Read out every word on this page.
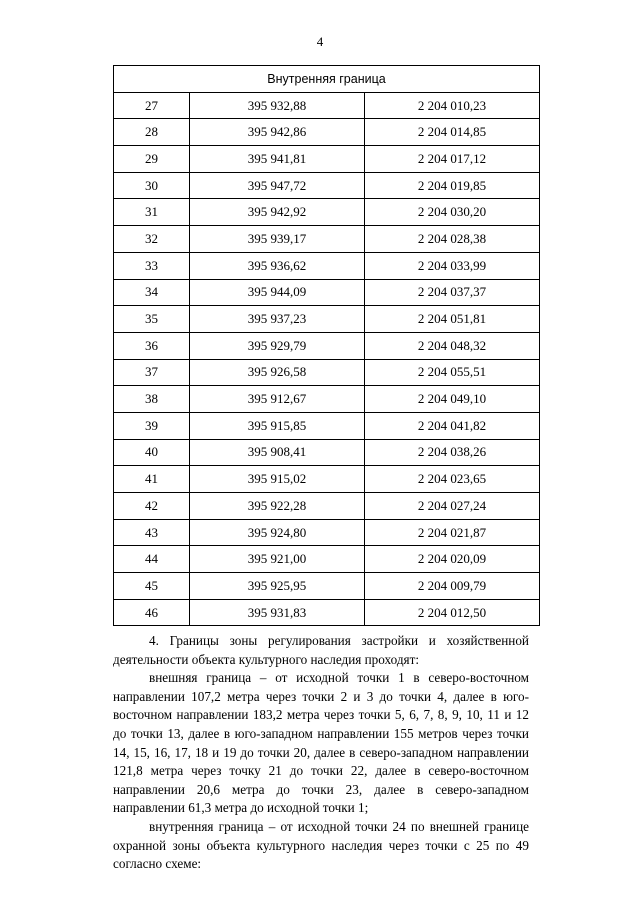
4
Внутренняя граница		
27	395 932,88	2 204 010,23
28	395 942,86	2 204 014,85
29	395 941,81	2 204 017,12
30	395 947,72	2 204 019,85
31	395 942,92	2 204 030,20
32	395 939,17	2 204 028,38
33	395 936,62	2 204 033,99
34	395 944,09	2 204 037,37
35	395 937,23	2 204 051,81
36	395 929,79	2 204 048,32
37	395 926,58	2 204 055,51
38	395 912,67	2 204 049,10
39	395 915,85	2 204 041,82
40	395 908,41	2 204 038,26
41	395 915,02	2 204 023,65
42	395 922,28	2 204 027,24
43	395 924,80	2 204 021,87
44	395 921,00	2 204 020,09
45	395 925,95	2 204 009,79
46	395 931,83	2 204 012,50

4. Границы зоны регулирования застройки и хозяйственной деятельности объекта культурного наследия проходят:

внешняя граница – от исходной точки 1 в северо-восточном направлении 107,2 метра через точки 2 и 3 до точки 4, далее в юго-восточном направлении 183,2 метра через точки 5, 6, 7, 8, 9, 10, 11 и 12 до точки 13, далее в юго-западном направлении 155 метров через точки 14, 15, 16, 17, 18 и 19 до точки 20, далее в северо-западном направлении 121,8 метра через точку 21 до точки 22, далее в северо-восточном направлении 20,6 метра до точки 23, далее в северо-западном направлении 61,3 метра до исходной точки 1;

внутренняя граница – от исходной точки 24 по внешней границе охранной зоны объекта культурного наследия через точки с 25 по 49 согласно схеме:
